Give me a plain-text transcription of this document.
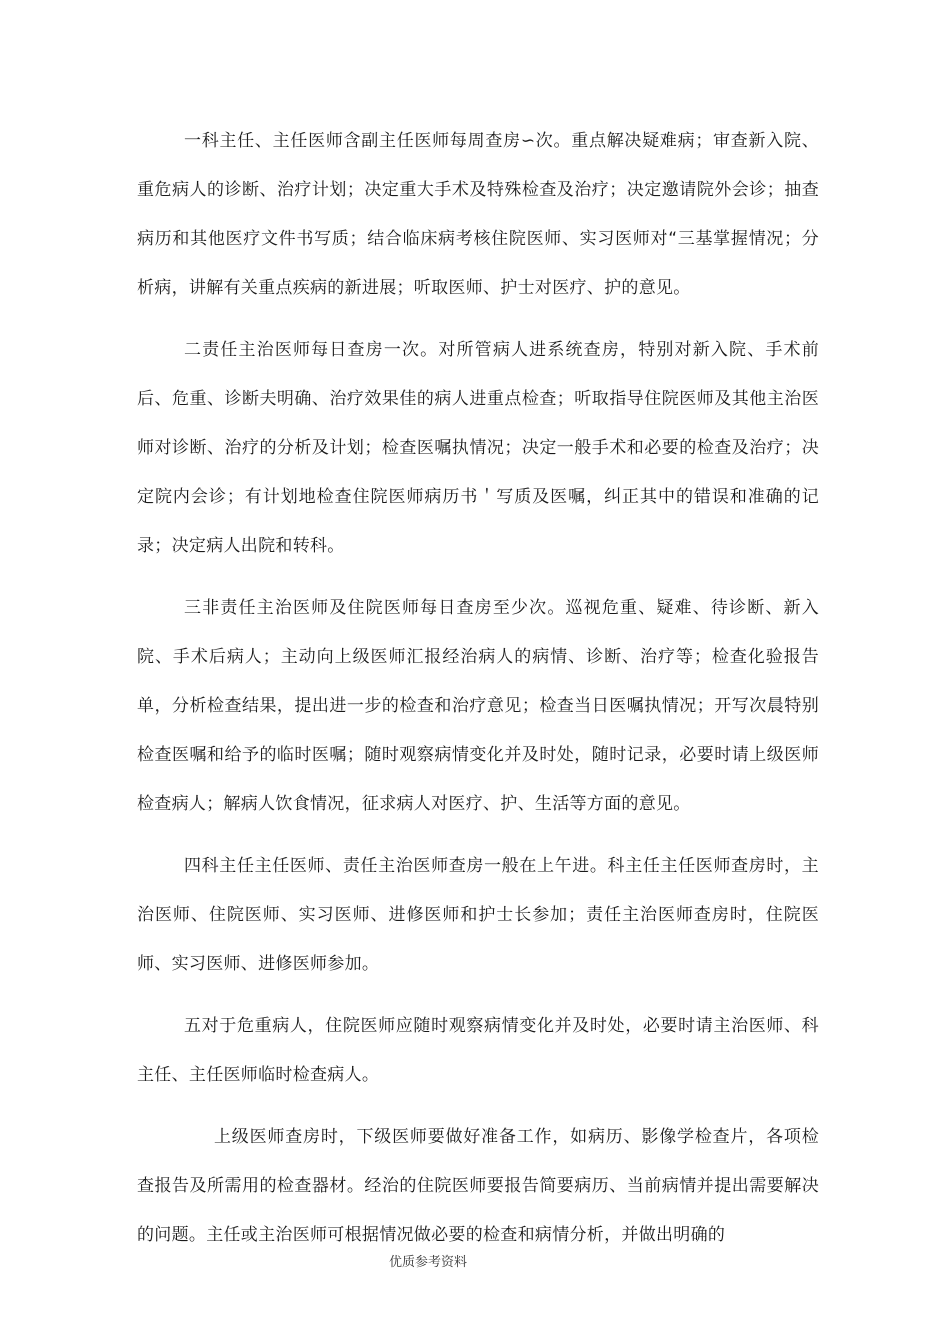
一科主任、主任医师含副主任医师每周查房∽次。重点解决疑难病；审查新入院、重危病人的诊断、治疗计划；决定重大手术及特殊检查及治疗；决定邀请院外会诊；抽查病历和其他医疗文件书写质；结合临床病考核住院医师、实习医师对“三基掌握情况；分析病，讲解有关重点疾病的新进展；听取医师、护士对医疗、护的意见。

二责任主治医师每日查房一次。对所管病人进系统查房，特别对新入院、手术前后、危重、诊断夫明确、治疗效果佳的病人进重点检查；听取指导住院医师及其他主治医师对诊断、治疗的分析及计划；检查医嘱执情况；决定一般手术和必要的检查及治疗；决定院内会诊；有计划地检查住院医师病历书＇写质及医嘱，纠正其中的错误和准确的记录；决定病人出院和转科。

三非责任主治医师及住院医师每日查房至少次。巡视危重、疑难、待诊断、新入院、手术后病人；主动向上级医师汇报经治病人的病情、诊断、治疗等；检查化验报告单，分析检查结果，提出进一步的检查和治疗意见；检查当日医嘱执情况；开写次晨特别检查医嘱和给予的临时医嘱；随时观察病情变化并及时处，随时记录，必要时请上级医师检查病人；解病人饮食情况，征求病人对医疗、护、生活等方面的意见。

四科主任主任医师、责任主治医师查房一般在上午进。科主任主任医师查房时，主治医师、住院医师、实习医师、进修医师和护士长参加；责任主治医师查房时，住院医师、实习医师、进修医师参加。

五对于危重病人，住院医师应随时观察病情变化并及时处，必要时请主治医师、科主任、主任医师临时检查病人。

上级医师查房时，下级医师要做好准备工作，如病历、影像学检查片，各项检查报告及所需用的检查器材。经治的住院医师要报告简要病历、当前病情并提出需要解决的问题。主任或主治医师可根据情况做必要的检查和病情分析，并做出明确的

优质参考资料
